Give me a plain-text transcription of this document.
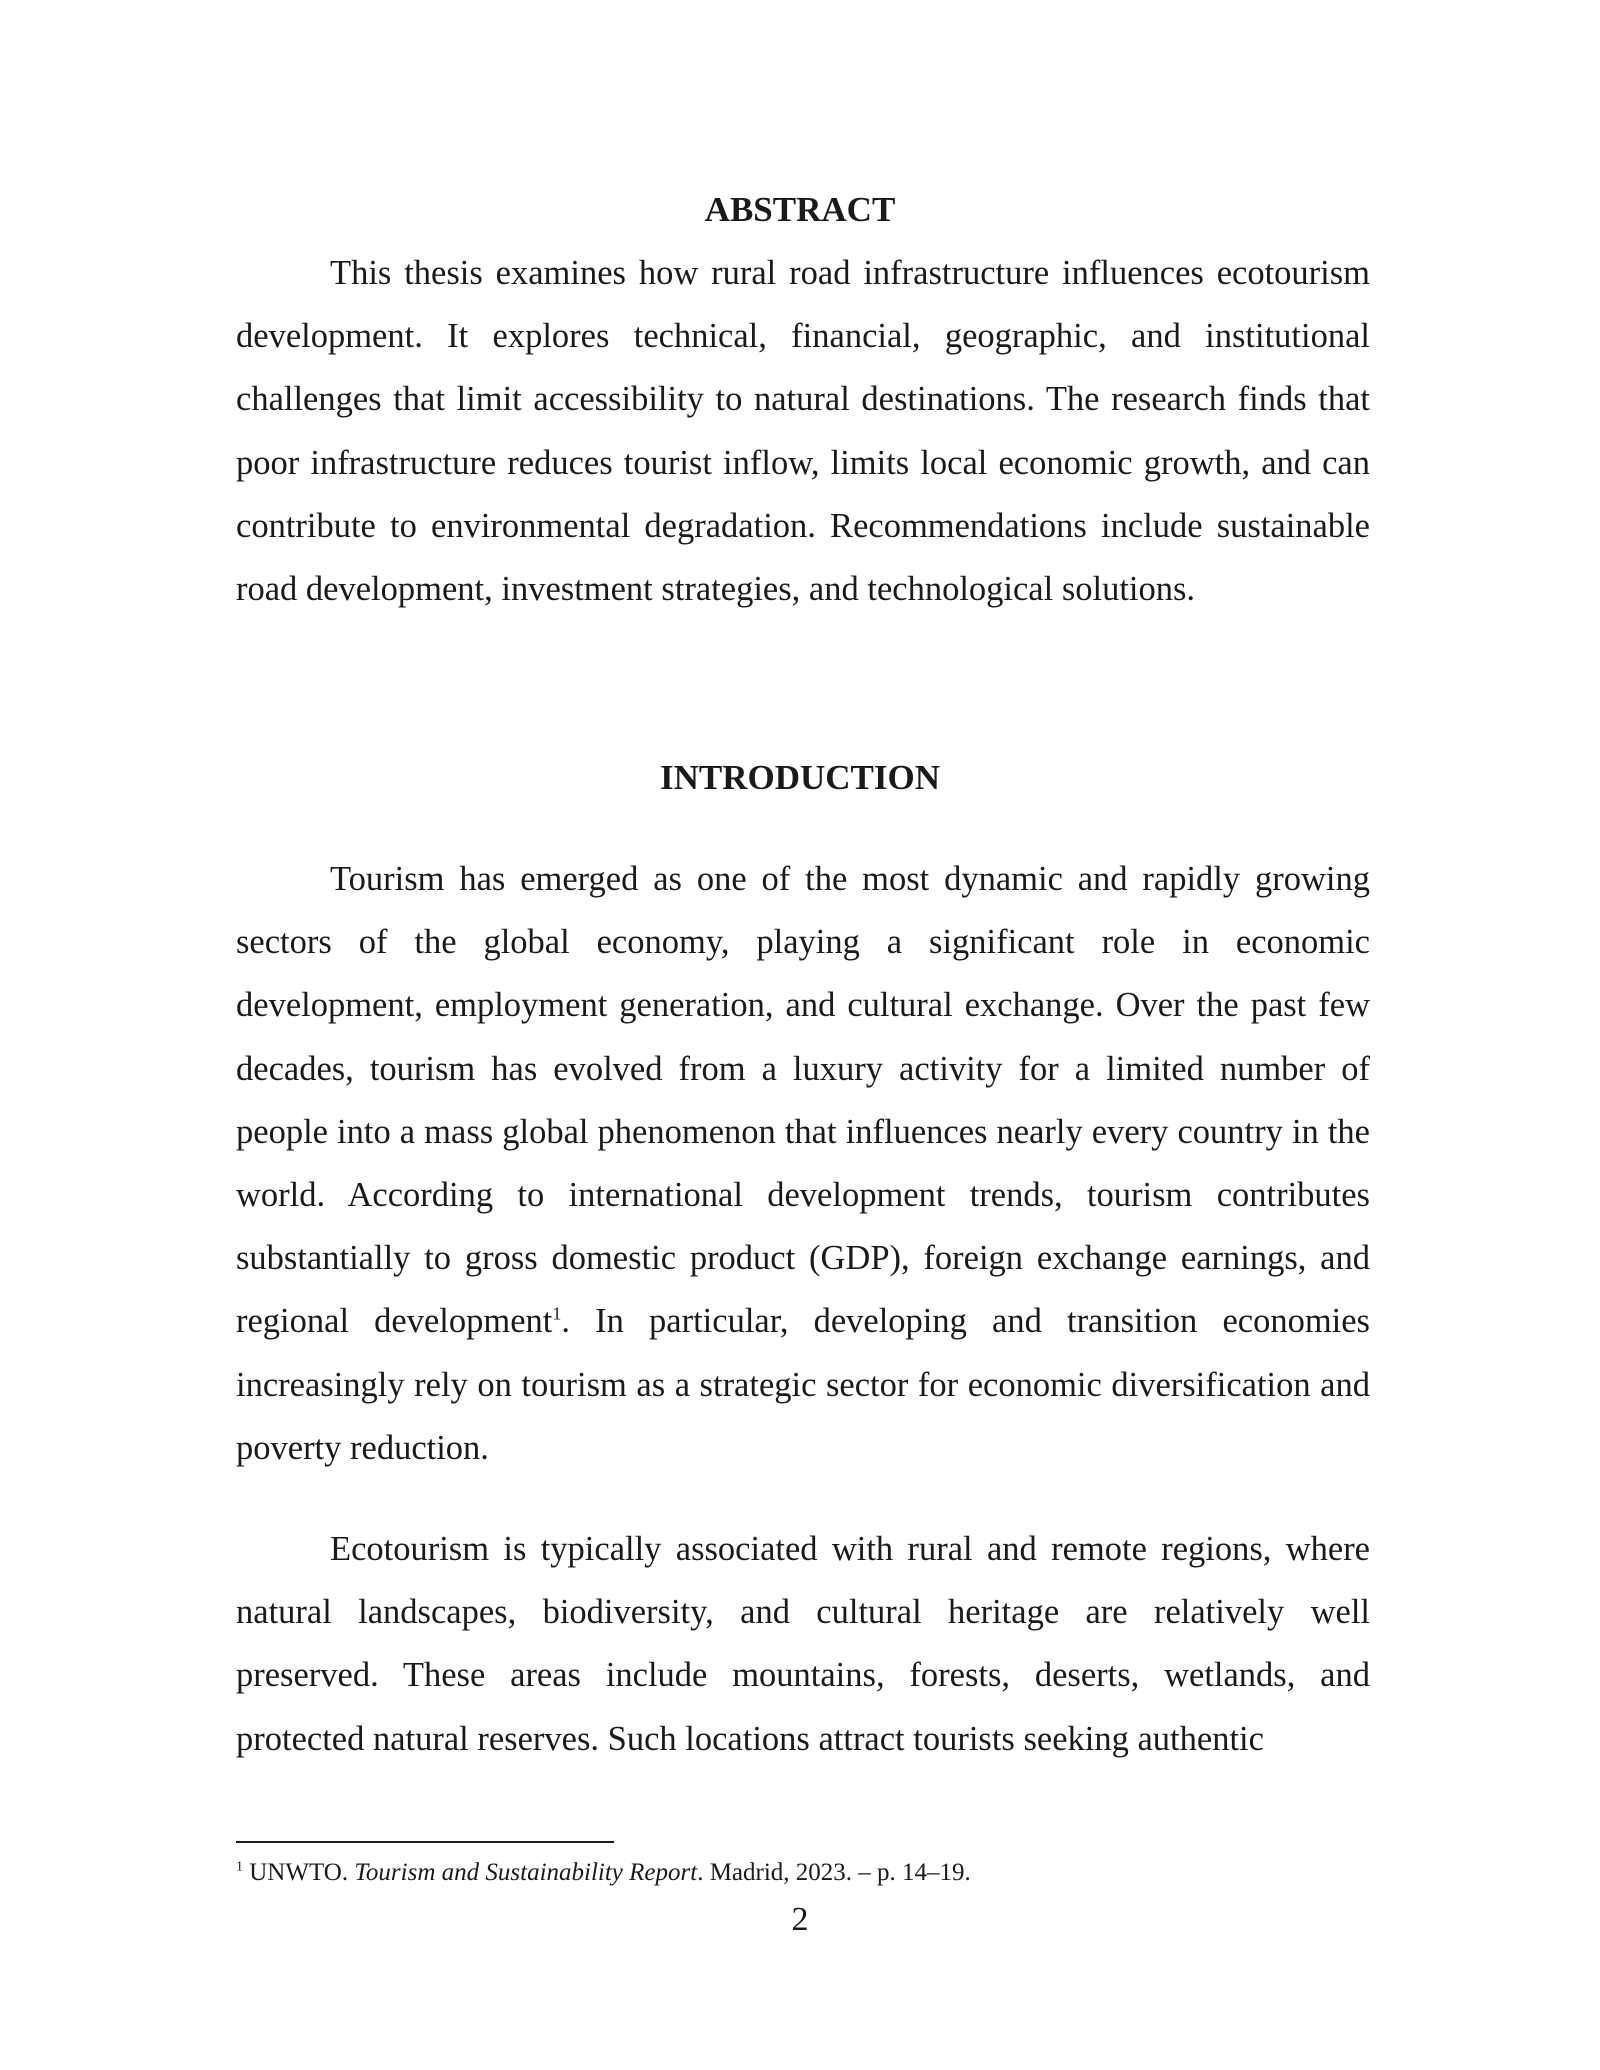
ABSTRACT

This thesis examines how rural road infrastructure influences ecotourism development. It explores technical, financial, geographic, and institutional challenges that limit accessibility to natural destinations. The research finds that poor infrastructure reduces tourist inflow, limits local economic growth, and can contribute to environmental degradation. Recommendations include sustainable road development, investment strategies, and technological solutions.

INTRODUCTION

Tourism has emerged as one of the most dynamic and rapidly growing sectors of the global economy, playing a significant role in economic development, employment generation, and cultural exchange. Over the past few decades, tourism has evolved from a luxury activity for a limited number of people into a mass global phenomenon that influences nearly every country in the world. According to international development trends, tourism contributes substantially to gross domestic product (GDP), foreign exchange earnings, and regional development$^1$. In particular, developing and transition economies increasingly rely on tourism as a strategic sector for economic diversification and poverty reduction.

Ecotourism is typically associated with rural and remote regions, where natural landscapes, biodiversity, and cultural heritage are relatively well preserved. These areas include mountains, forests, deserts, wetlands, and protected natural reserves. Such locations attract tourists seeking authentic

$^1$ UNWTO. Tourism and Sustainability Report. Madrid, 2023. – p. 14–19.

2
